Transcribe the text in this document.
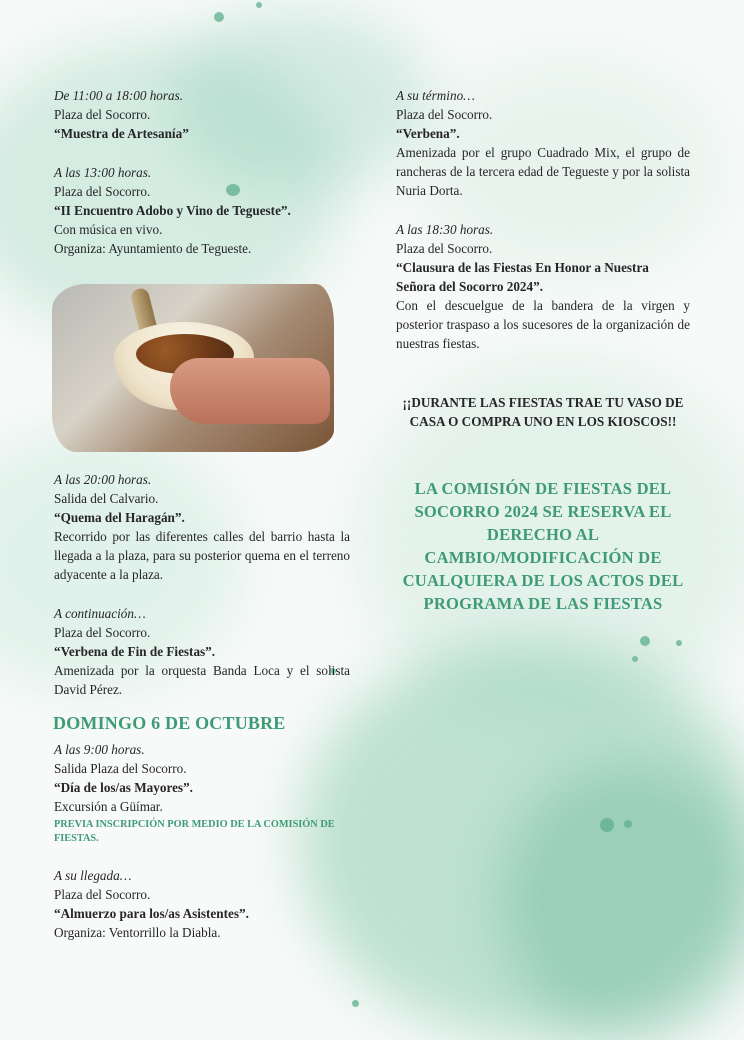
De 11:00 a 18:00 horas.
Plaza del Socorro.
“Muestra de Artesanía”
A las 13:00 horas.
Plaza del Socorro.
“II Encuentro Adobo y Vino de Tegueste”.
Con música en vivo.
Organiza: Ayuntamiento de Tegueste.
A las 20:00 horas.
Salida del Calvario.
“Quema del Haragán”.
Recorrido por las diferentes calles del barrio hasta la llegada a la plaza, para su posterior quema en el terreno adyacente a la plaza.
A continuación…
Plaza del Socorro.
“Verbena de Fin de Fiestas”.
Amenizada por la orquesta Banda Loca y el solista David Pérez.
DOMINGO 6 DE OCTUBRE
A las 9:00 horas.
Salida Plaza del Socorro.
“Día de los/as Mayores”.
Excursión a Güímar.
PREVIA INSCRIPCIÓN POR MEDIO DE LA COMISIÓN DE FIESTAS.
A su llegada…
Plaza del Socorro.
“Almuerzo para los/as Asistentes”.
Organiza: Ventorrillo la Diabla.
A su término…
Plaza del Socorro.
“Verbena”.
Amenizada por el grupo Cuadrado Mix, el grupo de rancheras de la tercera edad de Tegueste y por la solista Nuria Dorta.
A las 18:30 horas.
Plaza del Socorro.
“Clausura de las Fiestas En Honor a Nuestra Señora del Socorro 2024”.
Con el descuelgue de la bandera de la virgen y posterior traspaso a los sucesores de la organización de nuestras fiestas.
¡¡DURANTE LAS FIESTAS TRAE TU VASO DE CASA O COMPRA UNO EN LOS KIOSCOS!!
LA COMISIÓN DE FIESTAS DEL SOCORRO 2024 SE RESERVA EL DERECHO AL CAMBIO/MODIFICACIÓN DE CUALQUIERA DE LOS ACTOS DEL PROGRAMA DE LAS FIESTAS
